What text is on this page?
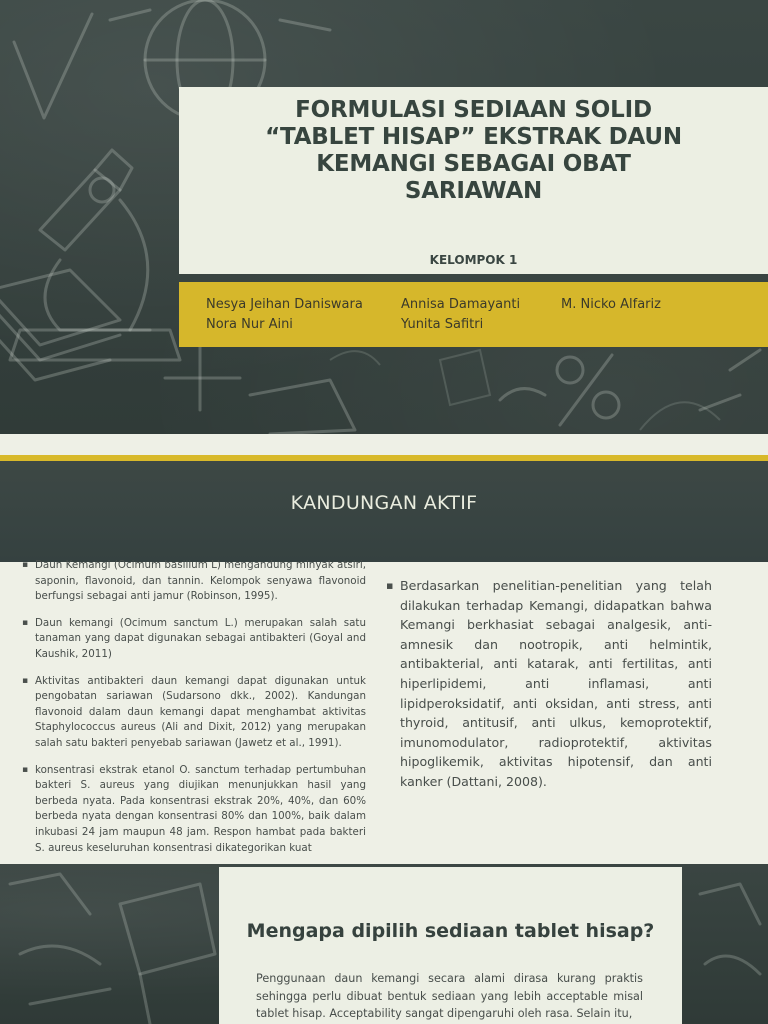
FORMULASI SEDIAAN SOLID
“TABLET HISAP” EKSTRAK DAUN
KEMANGI SEBAGAI OBAT
SARIAWAN
KELOMPOK 1
Nesya Jeihan Daniswara	Annisa Damayanti	M. Nicko Alfariz
Nora Nur Aini	Yunita Safitri
KANDUNGAN AKTIF
▪ Daun Kemangi (Ocimum basilium L) mengandung minyak atsiri, saponin, flavonoid, dan tannin. Kelompok senyawa flavonoid berfungsi sebagai anti jamur (Robinson, 1995).
▪ Daun kemangi (Ocimum sanctum L.) merupakan salah satu tanaman yang dapat digunakan sebagai antibakteri (Goyal and Kaushik, 2011)
▪ Aktivitas antibakteri daun kemangi dapat digunakan untuk pengobatan sariawan (Sudarsono dkk., 2002). Kandungan flavonoid dalam daun kemangi dapat menghambat aktivitas Staphylococcus aureus (Ali and Dixit, 2012) yang merupakan salah satu bakteri penyebab sariawan (Jawetz et al., 1991).
▪ konsentrasi ekstrak etanol O. sanctum terhadap pertumbuhan bakteri S. aureus yang diujikan menunjukkan hasil yang berbeda nyata. Pada konsentrasi ekstrak 20%, 40%, dan 60% berbeda nyata dengan konsentrasi 80% dan 100%, baik dalam inkubasi 24 jam maupun 48 jam. Respon hambat pada bakteri S. aureus keseluruhan konsentrasi dikategorikan kuat
▪ Berdasarkan penelitian-penelitian yang telah dilakukan terhadap Kemangi, didapatkan bahwa Kemangi berkhasiat sebagai analgesik, anti-amnesik dan nootropik, anti helmintik, antibakterial, anti katarak, anti fertilitas, anti hiperlipidemi, anti inflamasi, anti lipidperoksidatif, anti oksidan, anti stress, anti thyroid, antitusif, anti ulkus, kemoprotektif, imunomodulator, radioprotektif, aktivitas hipoglikemik, aktivitas hipotensif, dan anti kanker (Dattani, 2008).
Mengapa dipilih sediaan tablet hisap?
Penggunaan daun kemangi secara alami dirasa kurang praktis sehingga perlu dibuat bentuk sediaan yang lebih acceptable misal tablet hisap. Acceptability sangat dipengaruhi oleh rasa. Selain itu,
